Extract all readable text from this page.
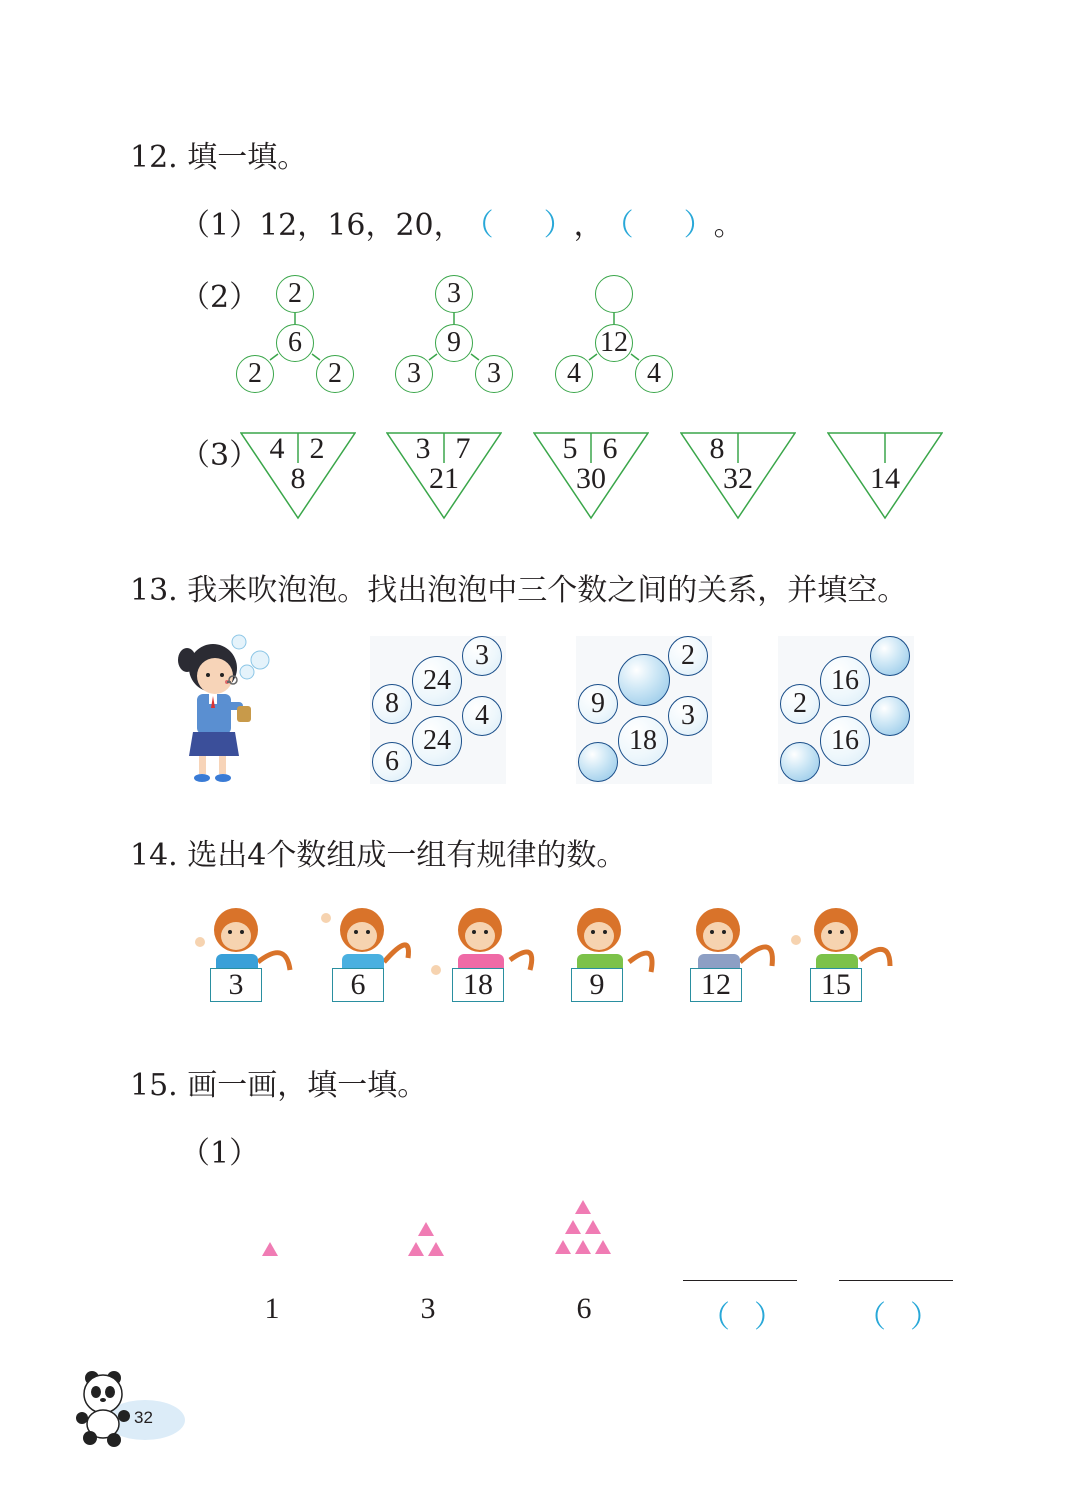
12. 填一填。
（1）12，16，20，（ ），（ ）。
（2）	2
6
2	2
3
9
3	3
12
4	4
（3） 4 2
8
3 7
21
5 6
30
8
32	14
13. 我来吹泡泡。找出泡泡中三个数之间的关系，并填空。
3
24
8	4
24
6
2
9	3
18
16
2
16
14. 选出4个数组成一组有规律的数。
3	6	18	9	12	15
15. 画一画，填一填。
（1）
1	3	6	（ ） （ ）
32
